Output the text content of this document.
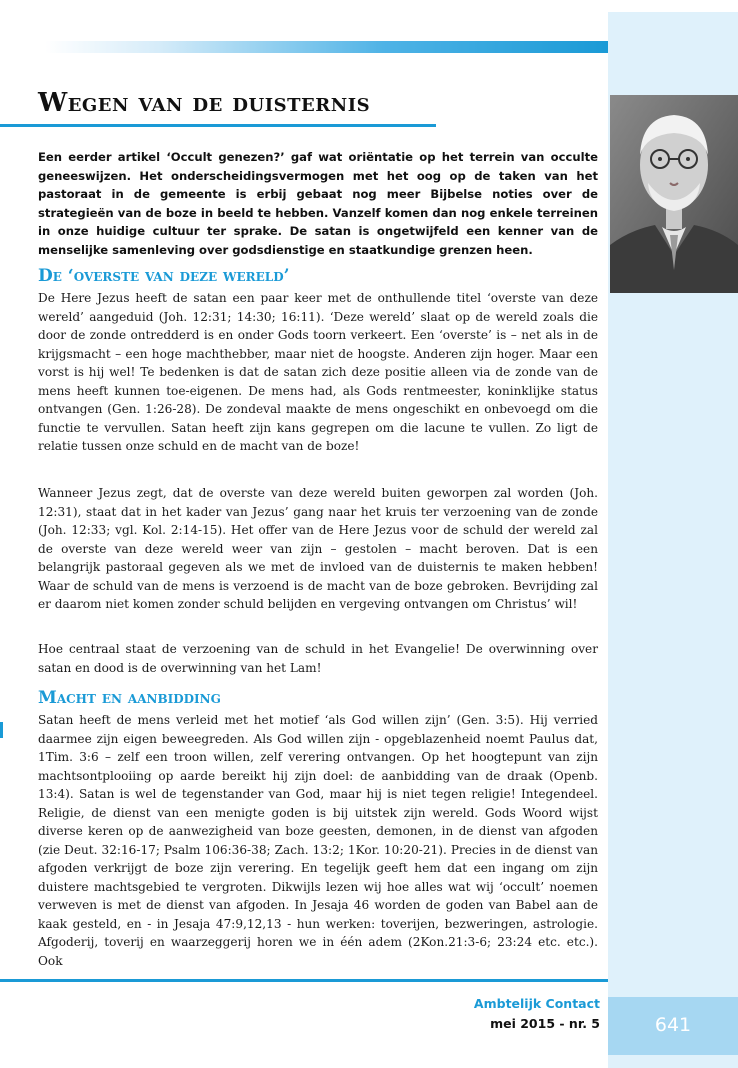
Wegen van de duisternis

Een eerder artikel ‘Occult genezen?’ gaf wat oriëntatie op het terrein van occulte geneeswijzen. Het onderscheidingsvermogen met het oog op de taken van het pastoraat in de gemeente is erbij gebaat nog meer Bijbelse noties over de strategieën van de boze in beeld te hebben. Vanzelf komen dan nog enkele terreinen in onze huidige cultuur ter sprake. De satan is ongetwijfeld een kenner van de menselijke samenleving over godsdienstige en staatkundige grenzen heen.

De ‘overste van deze wereld’

De Here Jezus heeft de satan een paar keer met de onthullende titel ‘overste van deze wereld’ aangeduid (Joh. 12:31; 14:30; 16:11). ‘Deze wereld’ slaat op de wereld zoals die door de zonde ontredderd is en onder Gods toorn verkeert. Een ‘overste’ is – net als in de krijgsmacht – een hoge machthebber, maar niet de hoogste. Anderen zijn hoger. Maar een vorst is hij wel! Te bedenken is dat de satan zich deze positie alleen via de zonde van de mens heeft kunnen toe-eigenen. De mens had, als Gods rentmeester, koninklijke status ontvangen (Gen. 1:26-28). De zondeval maakte de mens ongeschikt en onbevoegd om die functie te vervullen. Satan heeft zijn kans gegrepen om die lacune te vullen. Zo ligt de relatie tussen onze schuld en de macht van de boze!

Wanneer Jezus zegt, dat de overste van deze wereld buiten geworpen zal worden (Joh. 12:31), staat dat in het kader van Jezus’ gang naar het kruis ter verzoening van de zonde (Joh. 12:33; vgl. Kol. 2:14-15). Het offer van de Here Jezus voor de schuld der wereld zal de overste van deze wereld weer van zijn – gestolen – macht beroven. Dat is een belangrijk pastoraal gegeven als we met de invloed van de duisternis te maken hebben! Waar de schuld van de mens is verzoend is de macht van de boze gebroken. Bevrijding zal er daarom niet komen zonder schuld belijden en vergeving ontvangen om Christus’ wil!

Hoe centraal staat de verzoening van de schuld in het Evangelie! De overwinning over satan en dood is de overwinning van het Lam!

Macht en aanbidding

Satan heeft de mens verleid met het motief ‘als God willen zijn’ (Gen. 3:5). Hij verried daarmee zijn eigen beweegreden. Als God willen zijn - opgeblazenheid noemt Paulus dat, 1Tim. 3:6 – zelf een troon willen, zelf verering ontvangen. Op het hoogtepunt van zijn machtsontplooiing op aarde bereikt hij zijn doel: de aanbidding van de draak (Openb. 13:4). Satan is wel de tegenstander van God, maar hij is niet tegen religie! Integendeel. Religie, de dienst van een menigte goden is bij uitstek zijn wereld. Gods Woord wijst diverse keren op de aanwezigheid van boze geesten, demonen, in de dienst van afgoden (zie Deut. 32:16-17; Psalm 106:36-38; Zach. 13:2; 1Kor. 10:20-21). Precies in de dienst van afgoden verkrijgt de boze zijn verering. En tegelijk geeft hem dat een ingang om zijn duistere machtsgebied te vergroten. Dikwijls lezen wij hoe alles wat wij ‘occult’ noemen verweven is met de dienst van afgoden. In Jesaja 46 worden de goden van Babel aan de kaak gesteld, en - in Jesaja 47:9,12,13 - hun werken: toverijen, bezweringen, astrologie. Afgoderij, toverij en waarzeggerij horen we in één adem (2Kon.21:3-6; 23:24 etc. etc.). Ook

Ambtelijk Contact
mei 2015 - nr. 5	641
